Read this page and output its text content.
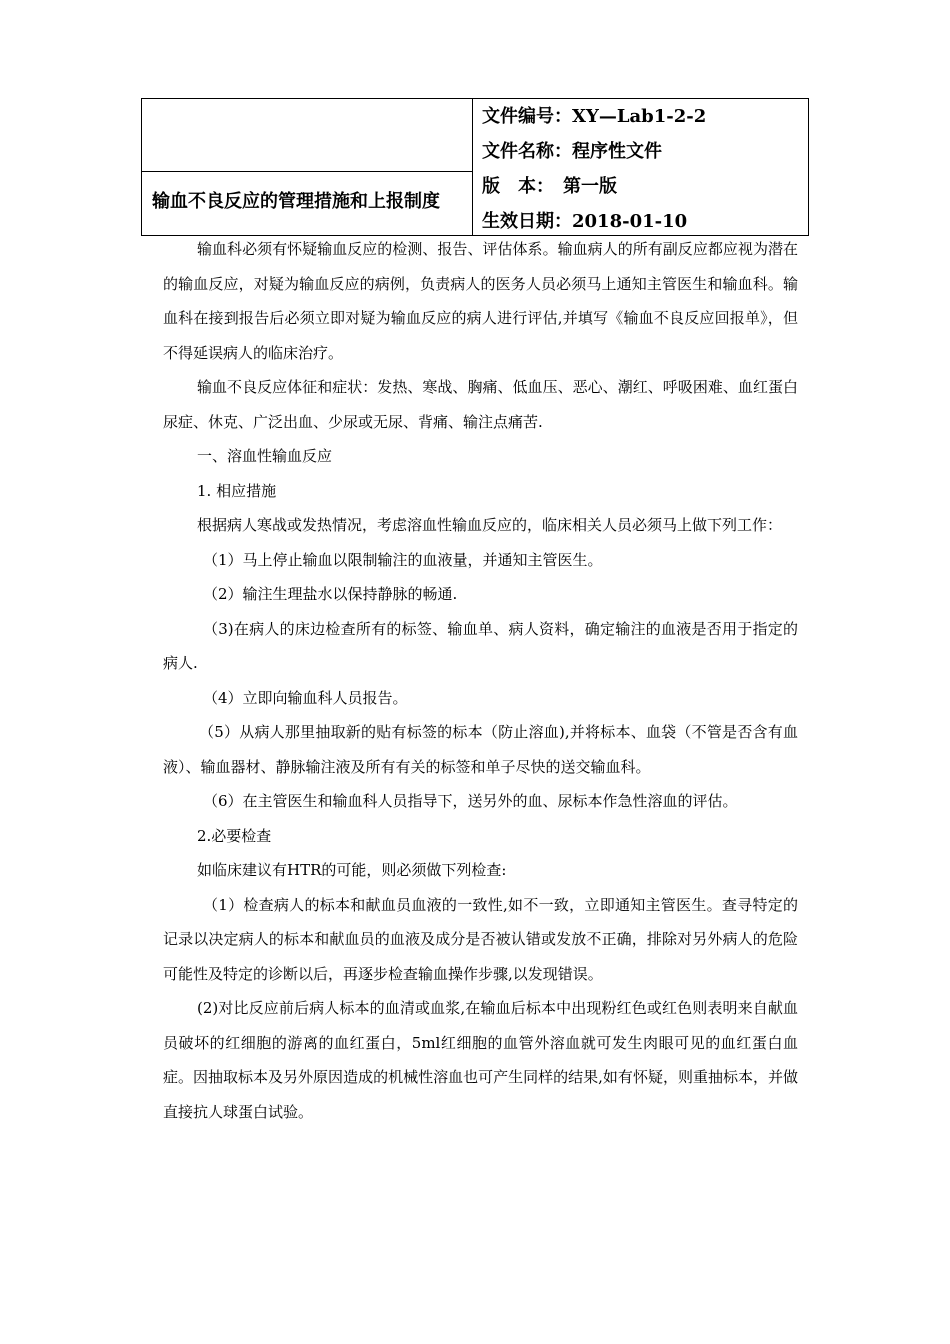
输血不良反应的管理措施和上报制度
文件编号：XY—Lab1-2-2
文件名称：程序性文件
版　本：　第一版
生效日期：2018-01-10

输血科必须有怀疑输血反应的检测、报告、评估体系。输血病人的所有副反应都应视为潜在的输血反应，对疑为输血反应的病例，负责病人的医务人员必须马上通知主管医生和输血科。输血科在接到报告后必须立即对疑为输血反应的病人进行评估,并填写《输血不良反应回报单》，但不得延误病人的临床治疗。

输血不良反应体征和症状：发热、寒战、胸痛、低血压、恶心、潮红、呼吸困难、血红蛋白尿症、休克、广泛出血、少尿或无尿、背痛、输注点痛苦.

一、溶血性输血反应

1. 相应措施

根据病人寒战或发热情况，考虑溶血性输血反应的，临床相关人员必须马上做下列工作：

（1）马上停止输血以限制输注的血液量，并通知主管医生。

（2）输注生理盐水以保持静脉的畅通.

（3)在病人的床边检查所有的标签、输血单、病人资料，确定输注的血液是否用于指定的病人.

（4）立即向输血科人员报告。

（5）从病人那里抽取新的贴有标签的标本（防止溶血),并将标本、血袋（不管是否含有血液）、输血器材、静脉输注液及所有有关的标签和单子尽快的送交输血科。

（6）在主管医生和输血科人员指导下，送另外的血、尿标本作急性溶血的评估。

2.必要检查

如临床建议有HTR的可能，则必须做下列检查:

（1）检查病人的标本和献血员血液的一致性,如不一致，立即通知主管医生。查寻特定的记录以决定病人的标本和献血员的血液及成分是否被认错或发放不正确，排除对另外病人的危险可能性及特定的诊断以后，再逐步检查输血操作步骤,以发现错误。

(2)对比反应前后病人标本的血清或血浆,在输血后标本中出现粉红色或红色则表明来自献血员破坏的红细胞的游离的血红蛋白，5ml红细胞的血管外溶血就可发生肉眼可见的血红蛋白血症。因抽取标本及另外原因造成的机械性溶血也可产生同样的结果,如有怀疑，则重抽标本，并做直接抗人球蛋白试验。
